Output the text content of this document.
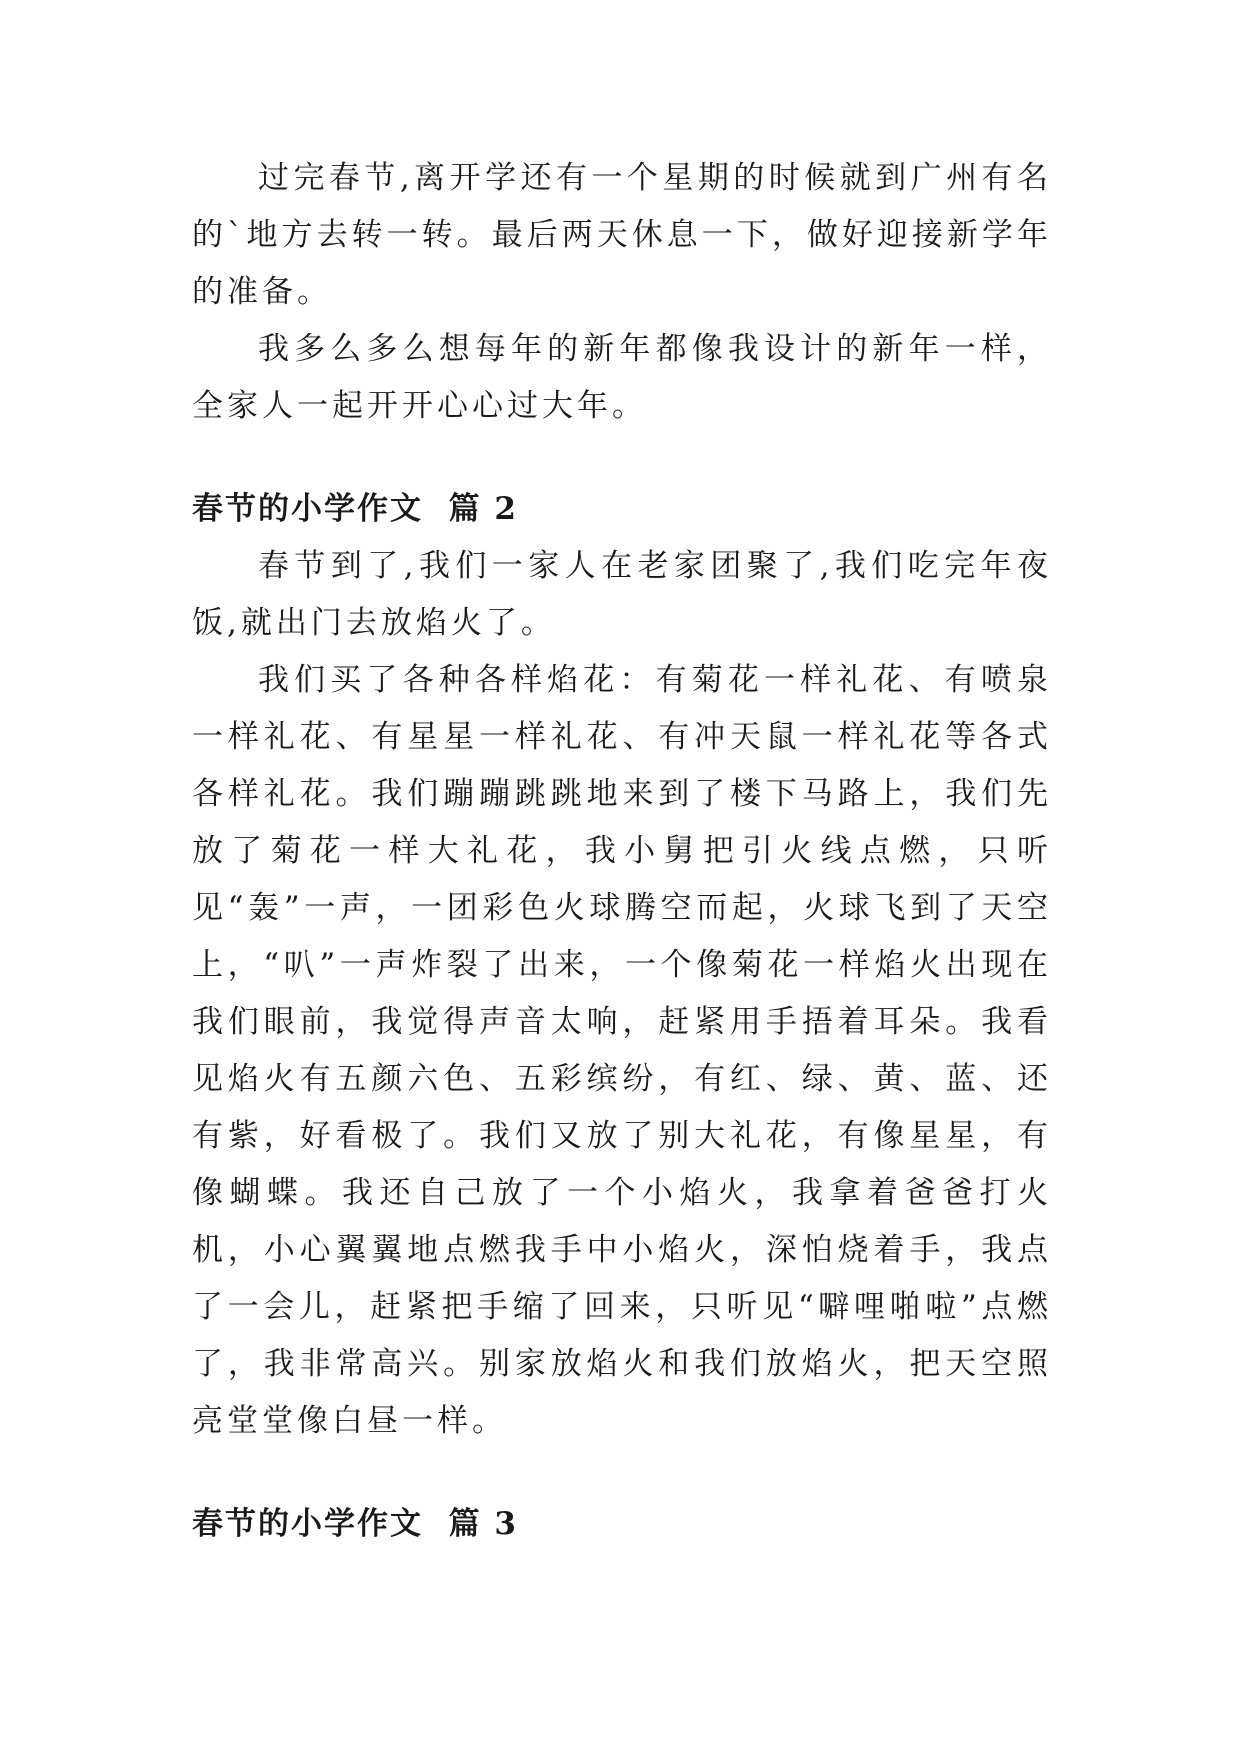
过完春节,离开学还有一个星期的时候就到广州有名的`地方去转一转。最后两天休息一下，做好迎接新学年的准备。

我多么多么想每年的新年都像我设计的新年一样，全家人一起开开心心过大年。

春节的小学作文  篇 2

春节到了,我们一家人在老家团聚了,我们吃完年夜饭,就出门去放焰火了。

我们买了各种各样焰花：有菊花一样礼花、有喷泉一样礼花、有星星一样礼花、有冲天鼠一样礼花等各式各样礼花。我们蹦蹦跳跳地来到了楼下马路上，我们先放了菊花一样大礼花，我小舅把引火线点燃，只听见“轰”一声，一团彩色火球腾空而起，火球飞到了天空上，“叭”一声炸裂了出来，一个像菊花一样焰火出现在我们眼前，我觉得声音太响，赶紧用手捂着耳朵。我看见焰火有五颜六色、五彩缤纷，有红、绿、黄、蓝、还有紫，好看极了。我们又放了别大礼花，有像星星，有像蝴蝶。我还自己放了一个小焰火，我拿着爸爸打火机，小心翼翼地点燃我手中小焰火，深怕烧着手，我点了一会儿，赶紧把手缩了回来，只听见“噼哩啪啦”点燃了，我非常高兴。别家放焰火和我们放焰火，把天空照亮堂堂像白昼一样。

春节的小学作文  篇 3
